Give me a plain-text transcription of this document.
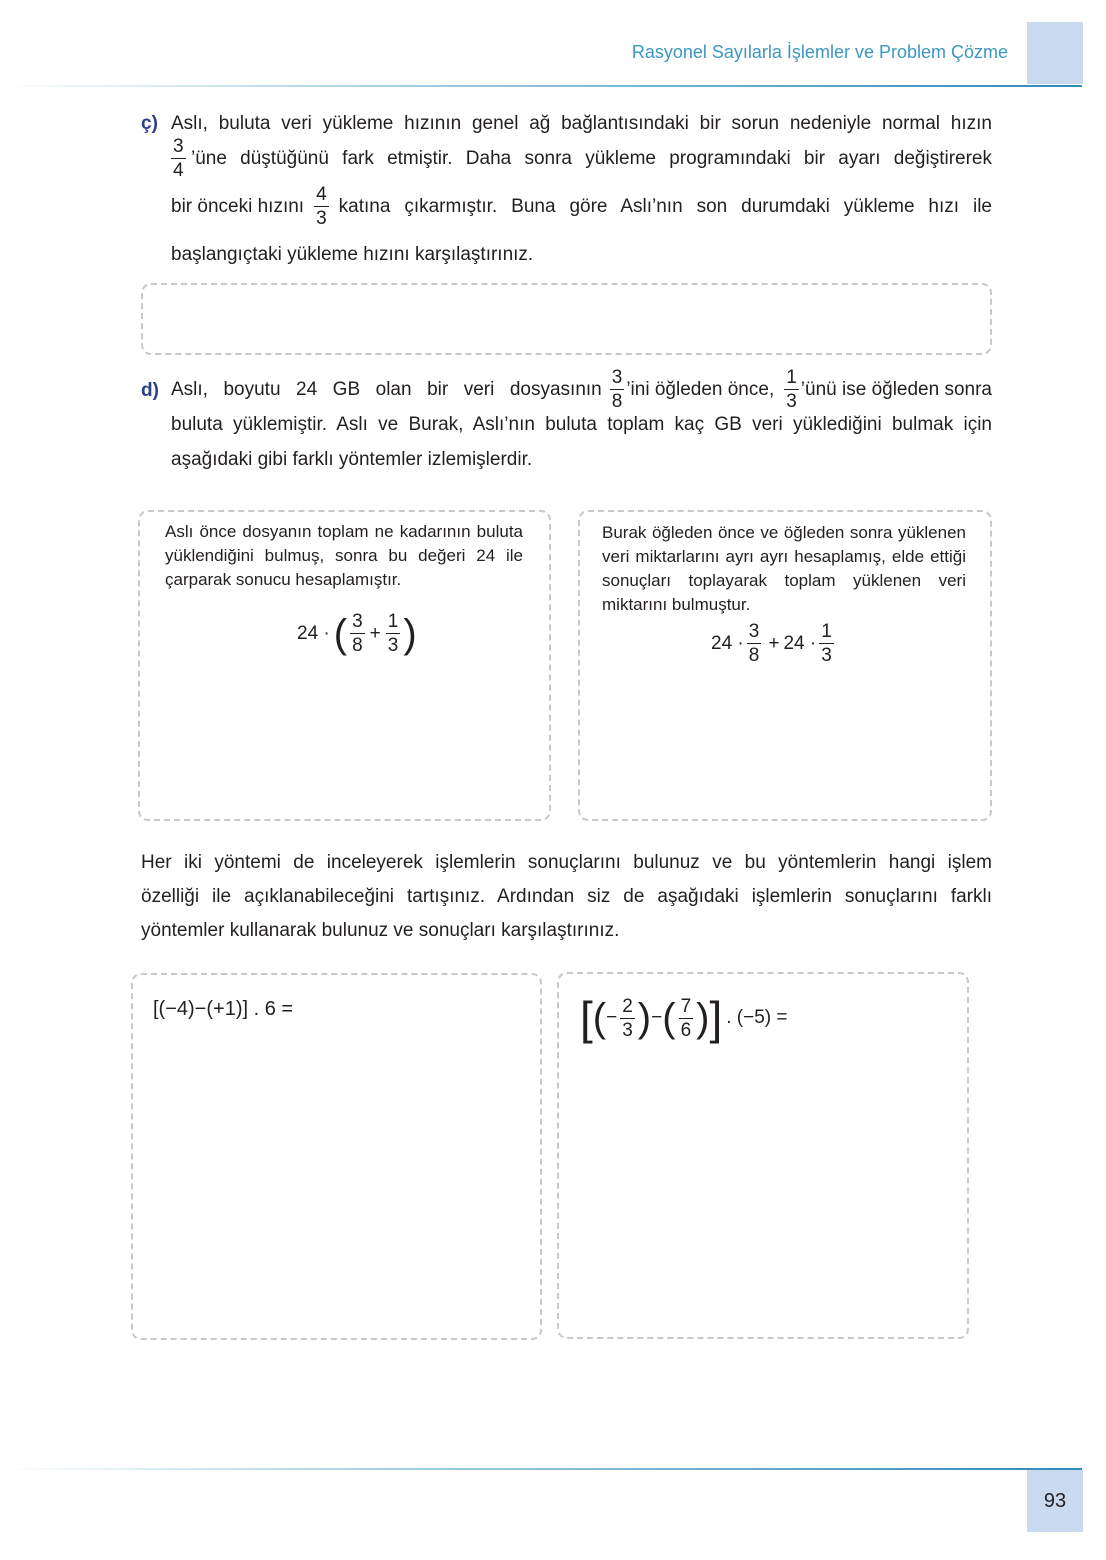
Rasyonel Sayılarla İşlemler ve Problem Çözme
ç) Aslı, buluta veri yükleme hızının genel ağ bağlantısındaki bir sorun nedeniyle normal hızın
$\frac{3}{4}$ ’üne düştüğünü fark etmiştir. Daha sonra yükleme programındaki bir ayarı değiştirerek
bir önceki hızını $\frac{4}{3}$ katına çıkarmıştır. Buna göre Aslı’nın son durumdaki yükleme hızı ile
başlangıçtaki yükleme hızını karşılaştırınız.
d) Aslı, boyutu 24 GB olan bir veri dosyasının $\frac{3}{8}$ ’ini öğleden önce, $\frac{1}{3}$ ’ünü ise öğleden sonra
buluta yüklemiştir. Aslı ve Burak, Aslı’nın buluta toplam kaç GB veri yüklediğini bulmak için
aşağıdaki gibi farklı yöntemler izlemişlerdir.
Aslı önce dosyanın toplam ne kadarının buluta yüklendiğini bulmuş, sonra bu değeri 24 ile çarparak sonucu hesaplamıştır.
24 · ( $\frac{3}{8} + \frac{1}{3}$ )
Burak öğleden önce ve öğleden sonra yüklenen veri miktarlarını ayrı ayrı hesaplamış, elde ettiği sonuçları toplayarak toplam yüklenen veri miktarını bulmuştur.
$24 \cdot \frac{3}{8} + 24 \cdot \frac{1}{3}$
Her iki yöntemi de inceleyerek işlemlerin sonuçlarını bulunuz ve bu yöntemlerin hangi işlem
özelliği ile açıklanabileceğini tartışınız. Ardından siz de aşağıdaki işlemlerin sonuçlarını farklı
yöntemler kullanarak bulunuz ve sonuçları karşılaştırınız.
[(−4)−(+1)] . 6 =	[ ( − $\frac{2}{3}$ ) − ( $\frac{7}{6}$ ) ] . (−5) =
93
